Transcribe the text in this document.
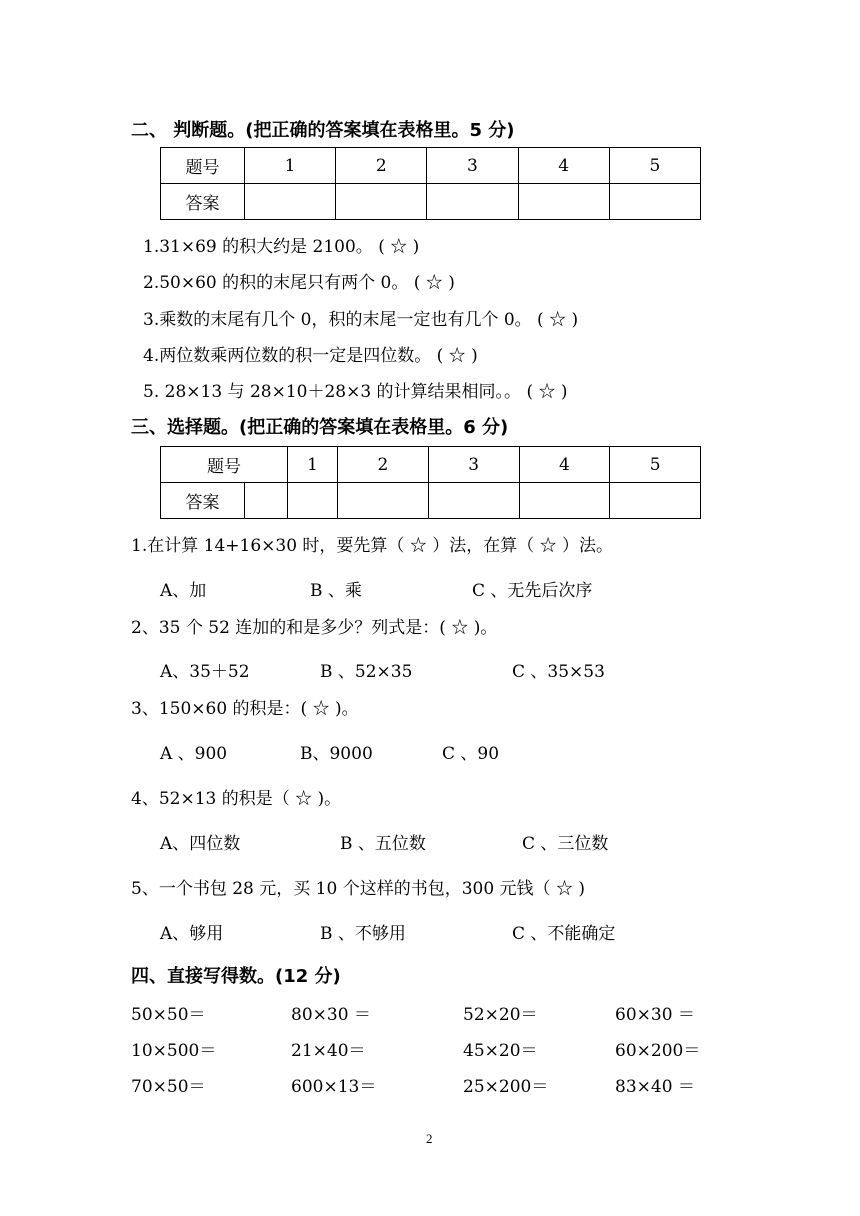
二、 判断题。(把正确的答案填在表格里。5 分)
题号	1	2	3	4	5
答案					
1.31×69 的积大约是 2100。 ( ☆ )
2.50×60 的积的末尾只有两个 0。 ( ☆ )
3.乘数的末尾有几个 0，积的末尾一定也有几个 0。 ( ☆ )
4.两位数乘两位数的积一定是四位数。 ( ☆ )
5. 28×13 与 28×10＋28×3 的计算结果相同。。 ( ☆ )
三、选择题。(把正确的答案填在表格里。6 分)
题号		1	2	3	4	5
答案						
1.在计算 14+16×30 时，要先算（ ☆ ）法，在算（ ☆ ）法。
A、加	B 、乘	C 、无先后次序
2、35 个 52 连加的和是多少？列式是：( ☆ )。
A、35＋52	B 、52×35	C 、35×53
3、150×60 的积是：( ☆ )。
A 、900	B、9000	C 、90
4、52×13 的积是（ ☆ )。
A、四位数	B 、五位数	C 、三位数
5、一个书包 28 元，买 10 个这样的书包，300 元钱（ ☆ )
A、够用	B 、不够用	C 、不能确定
四、直接写得数。(12 分)
50×50＝	80×30 ＝	52×20＝	60×30 ＝
10×500＝	21×40＝	45×20＝	60×200＝
70×50＝	600×13＝	25×200＝	83×40 ＝
2
